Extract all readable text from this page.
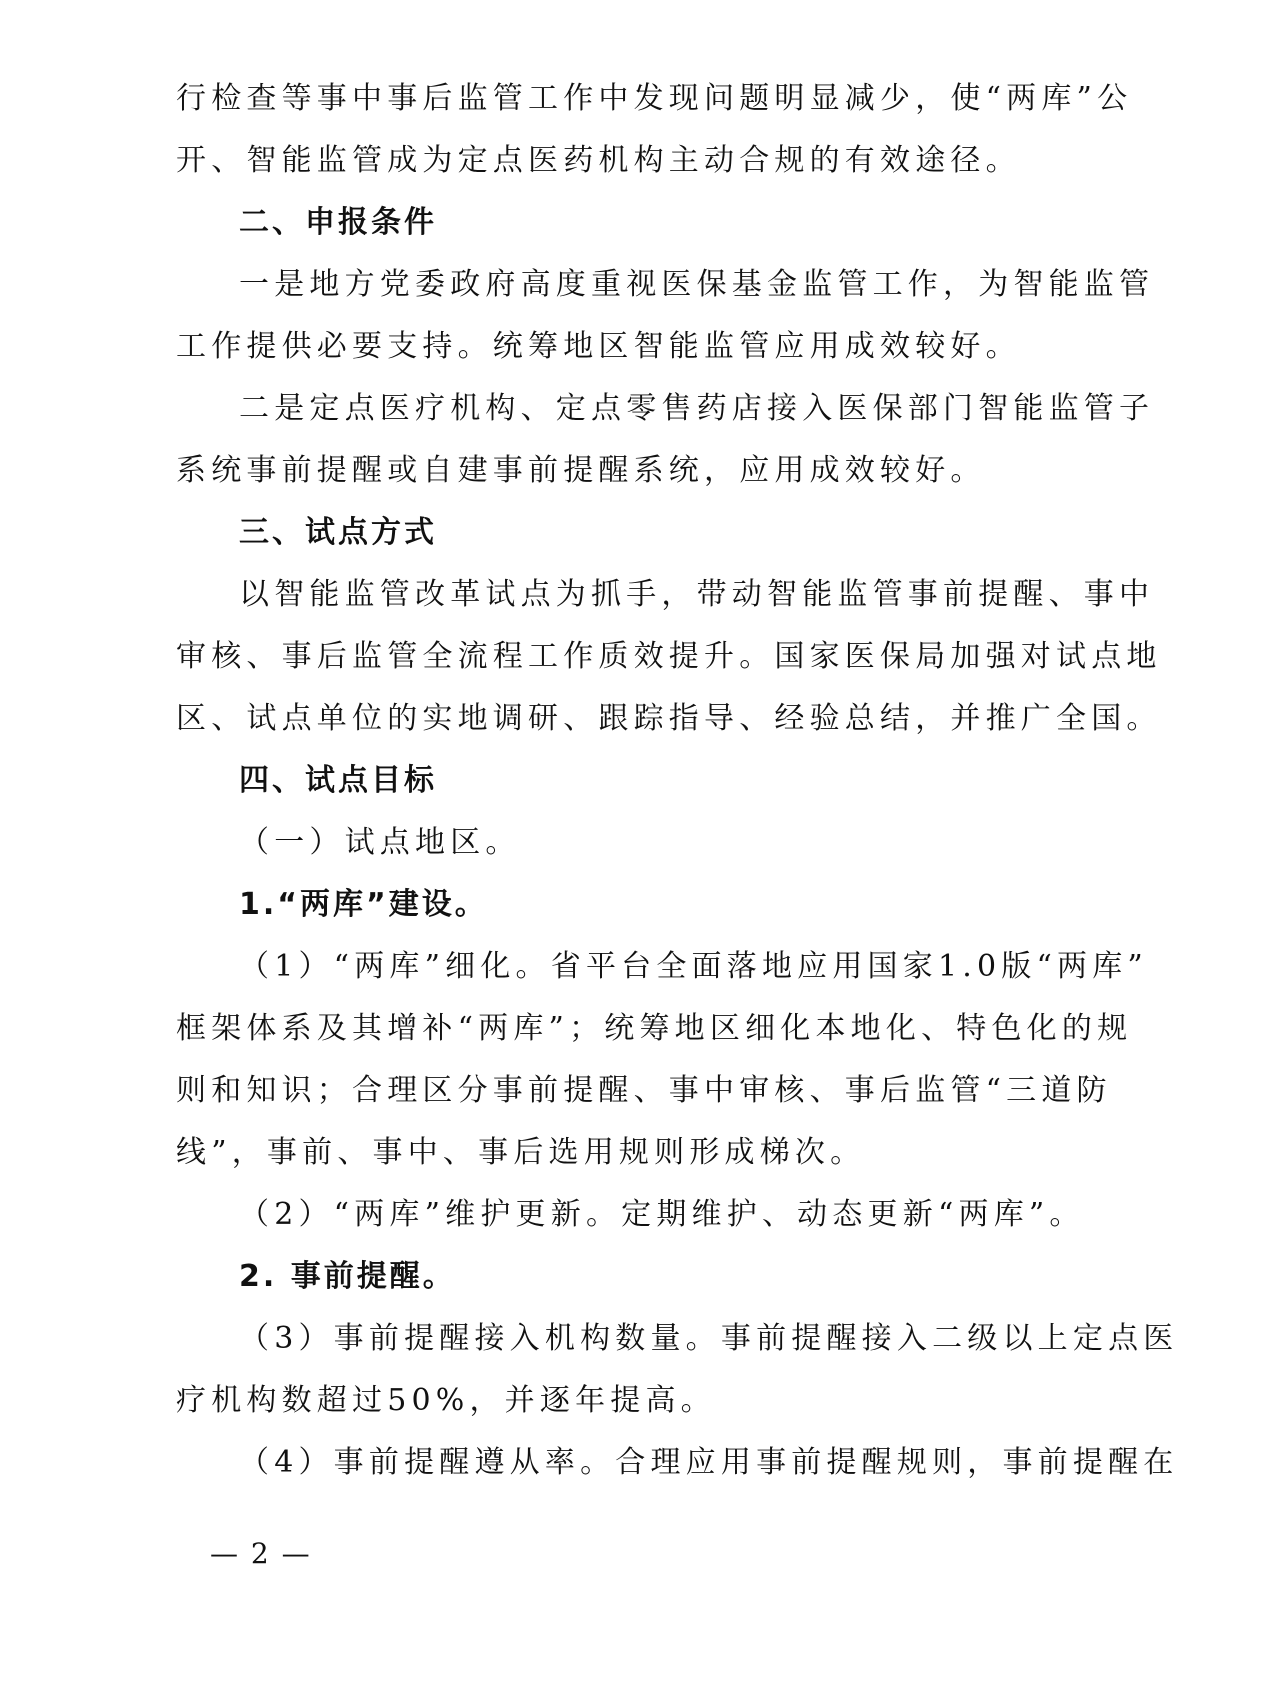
行检查等事中事后监管工作中发现问题明显减少，使“两库”公
开、智能监管成为定点医药机构主动合规的有效途径。
二、申报条件
一是地方党委政府高度重视医保基金监管工作，为智能监管
工作提供必要支持。统筹地区智能监管应用成效较好。
二是定点医疗机构、定点零售药店接入医保部门智能监管子
系统事前提醒或自建事前提醒系统，应用成效较好。
三、试点方式
以智能监管改革试点为抓手，带动智能监管事前提醒、事中
审核、事后监管全流程工作质效提升。国家医保局加强对试点地
区、试点单位的实地调研、跟踪指导、经验总结，并推广全国。
四、试点目标
（一）试点地区。
1.“两库”建设。
（1）“两库”细化。省平台全面落地应用国家1.0版“两库”
框架体系及其增补“两库”；统筹地区细化本地化、特色化的规
则和知识；合理区分事前提醒、事中审核、事后监管“三道防
线”，事前、事中、事后选用规则形成梯次。
（2）“两库”维护更新。定期维护、动态更新“两库”。
2. 事前提醒。
（3）事前提醒接入机构数量。事前提醒接入二级以上定点医
疗机构数超过50%，并逐年提高。
（4）事前提醒遵从率。合理应用事前提醒规则，事前提醒在
— 2 —
